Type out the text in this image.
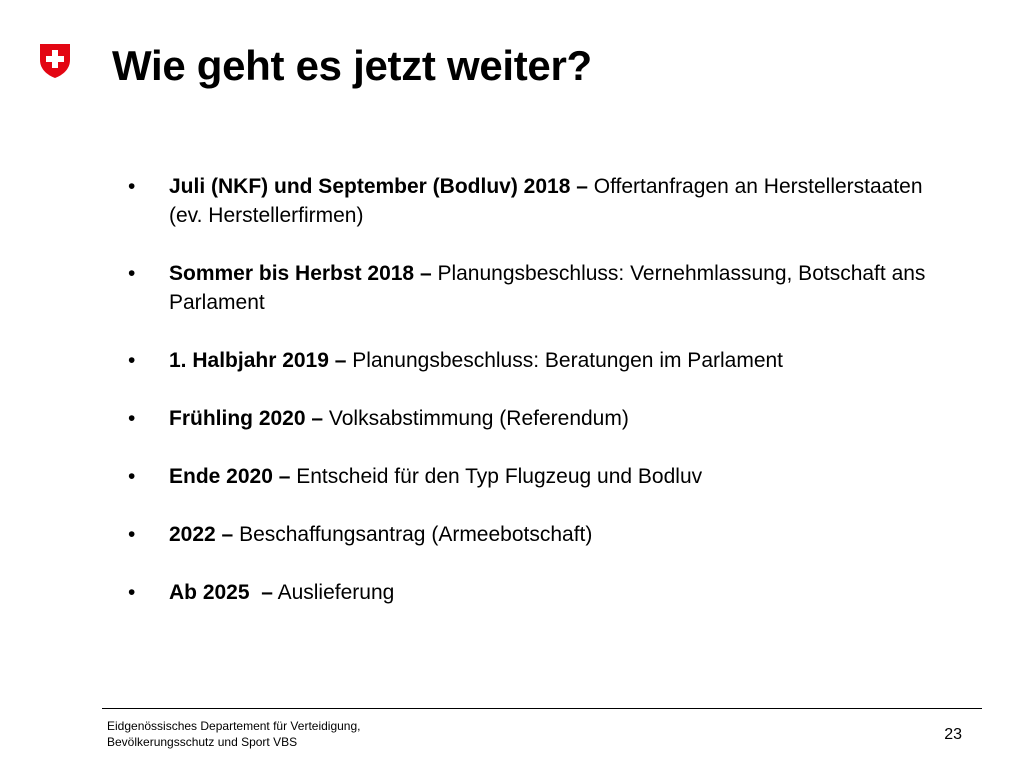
Wie geht es jetzt weiter?
• Juli (NKF) und September (Bodluv) 2018 – Offertanfragen an Herstellerstaaten (ev. Herstellerfirmen)
• Sommer bis Herbst 2018 – Planungsbeschluss: Vernehmlassung, Botschaft ans Parlament
• 1. Halbjahr 2019 – Planungsbeschluss: Beratungen im Parlament
• Frühling 2020 – Volksabstimmung (Referendum)
• Ende 2020 – Entscheid für den Typ Flugzeug und Bodluv
• 2022 – Beschaffungsantrag (Armeebotschaft)
• Ab 2025  – Auslieferung
Eidgenössisches Departement für Verteidigung,
Bevölkerungsschutz und Sport VBS	23
